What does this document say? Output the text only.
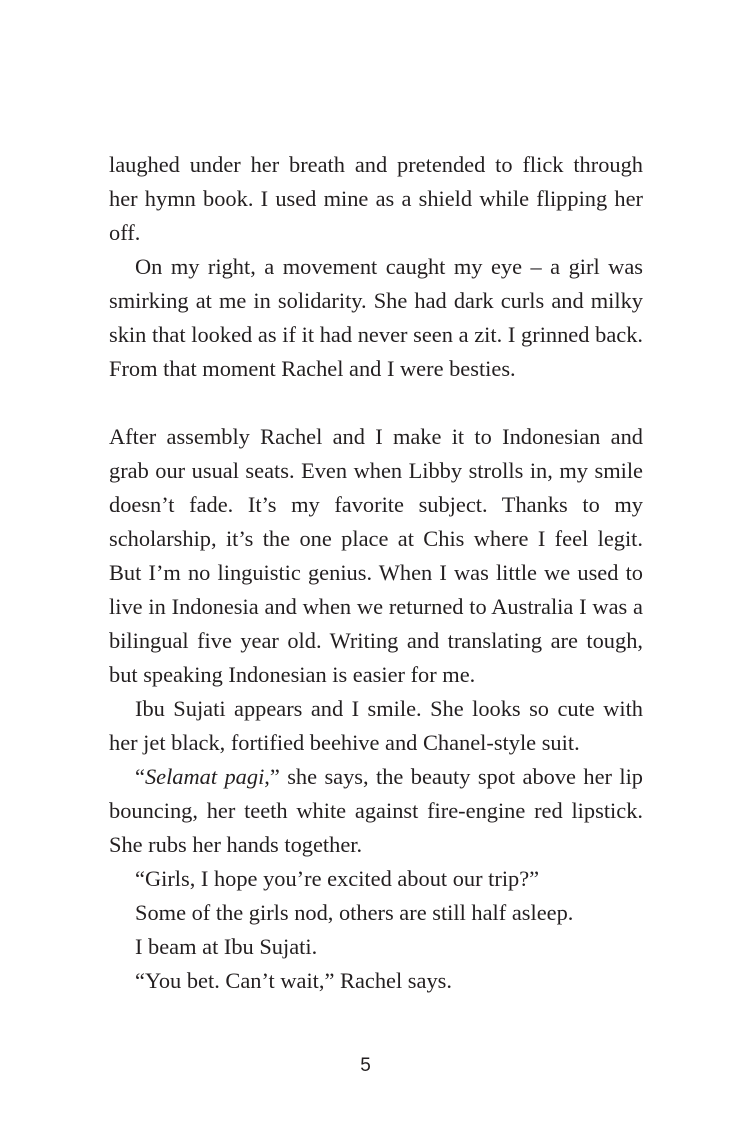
laughed under her breath and pretended to flick through her hymn book. I used mine as a shield while flipping her off.

On my right, a movement caught my eye – a girl was smirking at me in solidarity. She had dark curls and milky skin that looked as if it had never seen a zit. I grinned back. From that moment Rachel and I were besties.

After assembly Rachel and I make it to Indonesian and grab our usual seats. Even when Libby strolls in, my smile doesn’t fade. It’s my favorite subject. Thanks to my scholarship, it’s the one place at Chis where I feel legit. But I’m no linguistic genius. When I was little we used to live in Indonesia and when we returned to Australia I was a bilingual five year old. Writing and translating are tough, but speaking Indonesian is easier for me.

Ibu Sujati appears and I smile. She looks so cute with her jet black, fortified beehive and Chanel-style suit.

“Selamat pagi,” she says, the beauty spot above her lip bouncing, her teeth white against fire-engine red lipstick. She rubs her hands together.

“Girls, I hope you’re excited about our trip?”

Some of the girls nod, others are still half asleep.

I beam at Ibu Sujati.

“You bet. Can’t wait,” Rachel says.

5
